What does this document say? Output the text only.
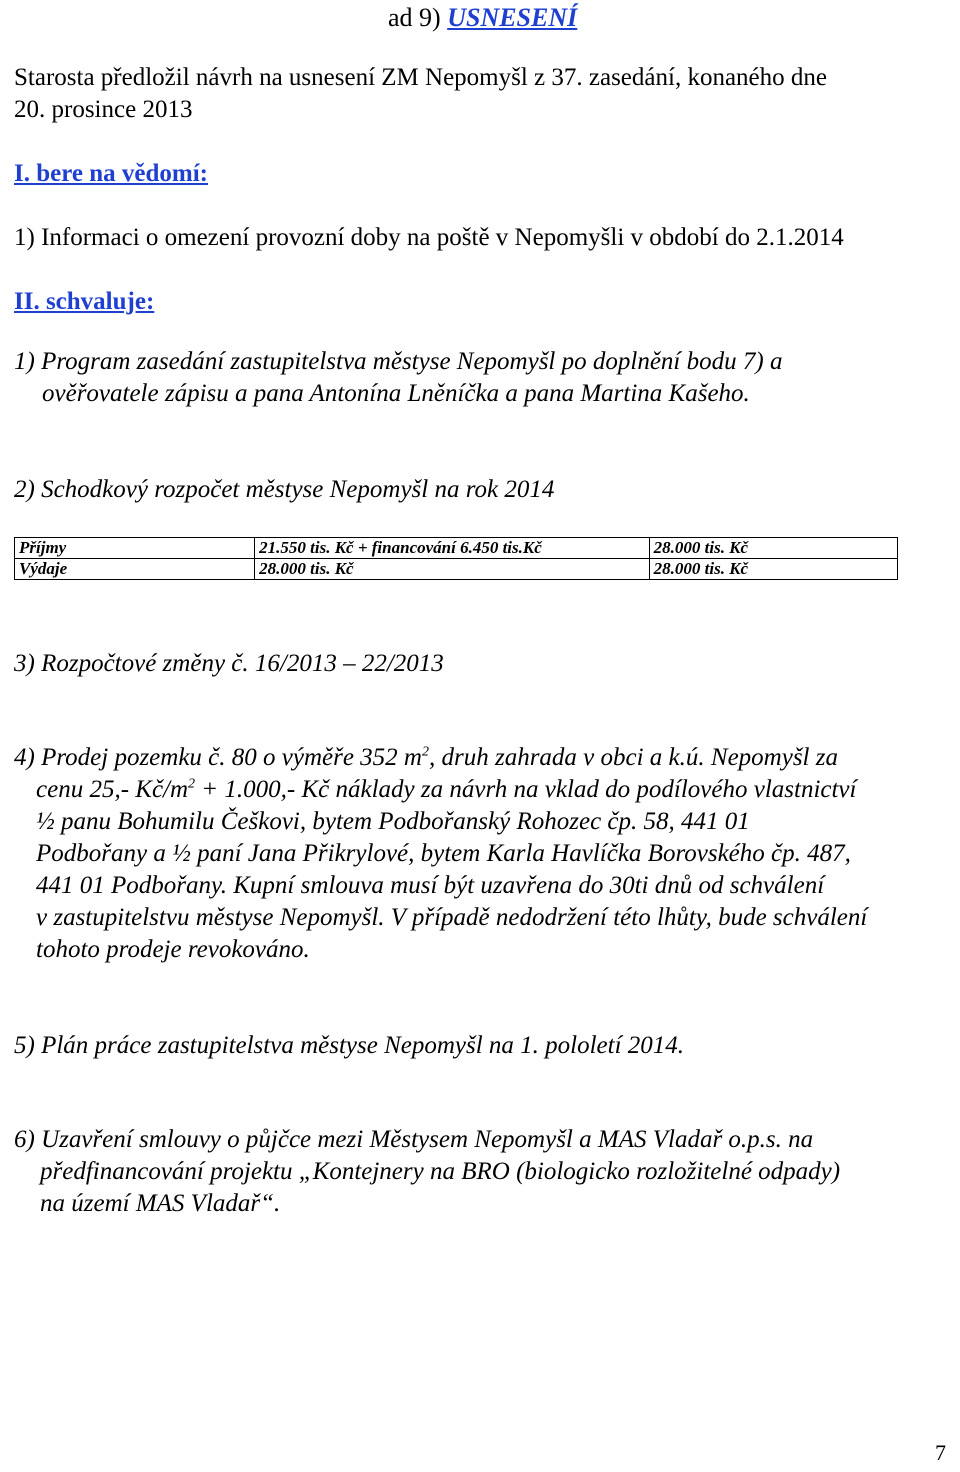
ad 9) USNESENÍ
Starosta předložil návrh na usnesení ZM Nepomyšl z 37. zasedání, konaného dne
20. prosince 2013
I. bere na vědomí:
1) Informaci o omezení provozní doby na poště v Nepomyšli v období do 2.1.2014
II. schvaluje:
1) Program zasedání zastupitelstva městyse Nepomyšl po doplnění bodu 7) a
ověřovatele zápisu a pana Antonína Lněníčka a pana Martina Kašeho.
2) Schodkový rozpočet městyse Nepomyšl na rok 2014
Příjmy	21.550 tis. Kč + financování 6.450 tis.Kč	28.000 tis. Kč
Výdaje	28.000 tis. Kč	28.000 tis. Kč
3) Rozpočtové změny č. 16/2013 – 22/2013
4) Prodej pozemku č. 80 o výměře 352 $m^2$, druh zahrada v obci a k.ú. Nepomyšl za
cenu 25,- $Kč/m^2 + 1.000,-$ Kč náklady za návrh na vklad do podílového vlastnictví
½ panu Bohumilu Češkovi, bytem Podbořanský Rohozec čp. 58, 441 01
Podbořany a ½ paní Jana Přikrylové, bytem Karla Havlíčka Borovského čp. 487,
441 01 Podbořany. Kupní smlouva musí být uzavřena do 30ti dnů od schválení
v zastupitelstvu městyse Nepomyšl. V případě nedodržení této lhůty, bude schválení
tohoto prodeje revokováno.
5) Plán práce zastupitelstva městyse Nepomyšl na 1. pololetí 2014.
6) Uzavření smlouvy o půjčce mezi Městysem Nepomyšl a MAS Vladař o.p.s. na
předfinancování projektu „Kontejnery na BRO (biologicko rozložitelné odpady)
na území MAS Vladař“.
7
